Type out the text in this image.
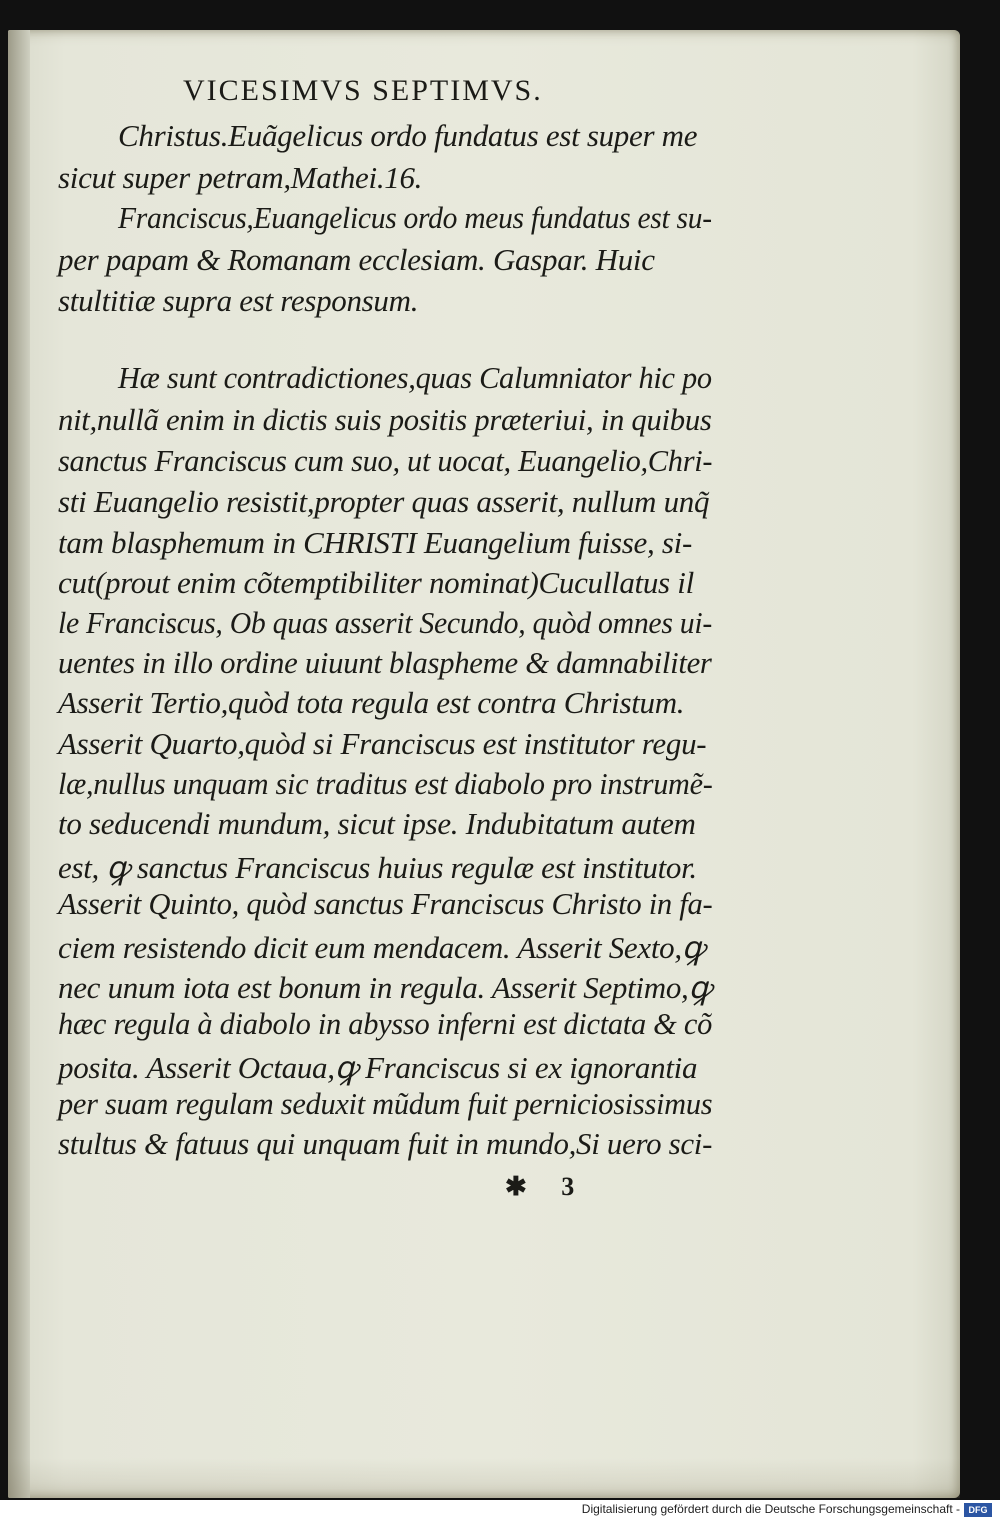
VICESIMVS SEPTIMVS.
Christus.Euãgelicus ordo fundatus est super me
sicut super petram,Mathei.16.
Franciscus,Euangelicus ordo meus fundatus est su-
per papam & Romanam ecclesiam. Gaspar. Huic
stultitiæ supra est responsum.
Hæ sunt contradictiones,quas Calumniator hic po
nit,nullã enim in dictis suis positis præteriui, in quibus
sanctus Franciscus cum suo, ut uocat, Euangelio,Chri-
sti Euangelio resistit,propter quas asserit, nullum unq̃
tam blasphemum in CHRISTI Euangelium fuisse, si-
cut(prout enim cõtemptibiliter nominat)Cucullatus il
le Franciscus, Ob quas asserit Secundo, quòd omnes ui-
uentes in illo ordine uiuunt blaspheme & damnabiliter
Asserit Tertio,quòd tota regula est contra Christum.
Asserit Quarto,quòd si Franciscus est institutor regu-
læ,nullus unquam sic traditus est diabolo pro instrumẽ-
to seducendi mundum, sicut ipse. Indubitatum autem
est, ꝙ sanctus Franciscus huius regulæ est institutor.
Asserit Quinto, quòd sanctus Franciscus Christo in fa-
ciem resistendo dicit eum mendacem. Asserit Sexto,ꝙ
nec unum iota est bonum in regula. Asserit Septimo,ꝙ
hæc regula à diabolo in abysso inferni est dictata & cõ
posita. Asserit Octaua,ꝙ Franciscus si ex ignorantia
per suam regulam seduxit mũdum fuit perniciosissimus
stultus & fatuus qui unquam fuit in mundo,Si uero sci-
✱ 3
Digitalisierung gefördert durch die Deutsche Forschungsgemeinschaft - DFG
